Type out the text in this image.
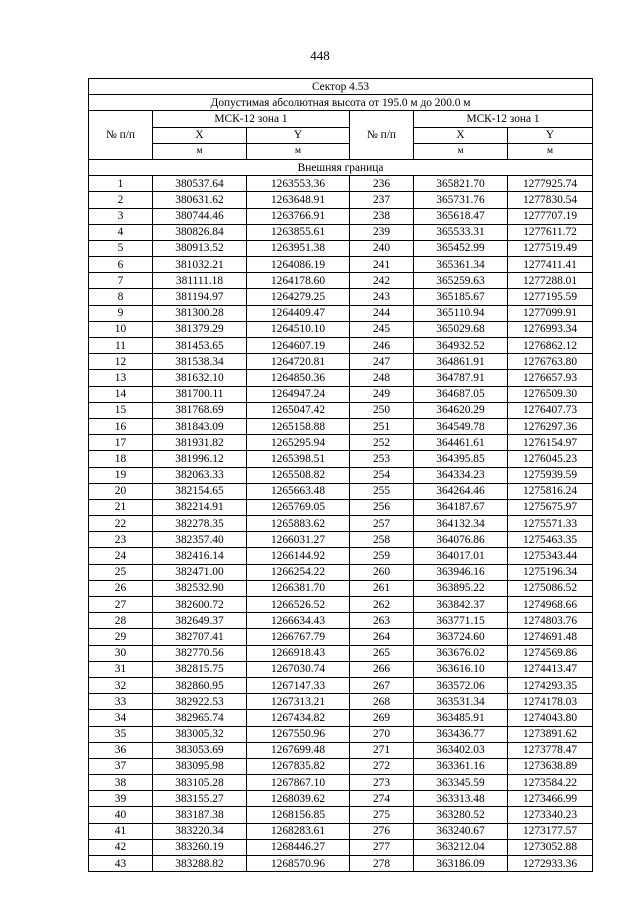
448
Сектор 4.53					
Допустимая абсолютная высота от 195.0 м до 200.0 м					
№ п/п	МСК-12 зона 1		№ п/п	МСК-12 зона 1	
	X	Y		X	Y
	м	м		м	м
Внешняя граница					
1	380537.64	1263553.36	236	365821.70	1277925.74
2	380631.62	1263648.91	237	365731.76	1277830.54
3	380744.46	1263766.91	238	365618.47	1277707.19
4	380826.84	1263855.61	239	365533.31	1277611.72
5	380913.52	1263951.38	240	365452.99	1277519.49
6	381032.21	1264086.19	241	365361.34	1277411.41
7	381111.18	1264178.60	242	365259.63	1277288.01
8	381194.97	1264279.25	243	365185.67	1277195.59
9	381300.28	1264409.47	244	365110.94	1277099.91
10	381379.29	1264510.10	245	365029.68	1276993.34
11	381453.65	1264607.19	246	364932.52	1276862.12
12	381538.34	1264720.81	247	364861.91	1276763.80
13	381632.10	1264850.36	248	364787.91	1276657.93
14	381700.11	1264947.24	249	364687.05	1276509.30
15	381768.69	1265047.42	250	364620.29	1276407.73
16	381843.09	1265158.88	251	364549.78	1276297.36
17	381931.82	1265295.94	252	364461.61	1276154.97
18	381996.12	1265398.51	253	364395.85	1276045.23
19	382063.33	1265508.82	254	364334.23	1275939.59
20	382154.65	1265663.48	255	364264.46	1275816.24
21	382214.91	1265769.05	256	364187.67	1275675.97
22	382278.35	1265883.62	257	364132.34	1275571.33
23	382357.40	1266031.27	258	364076.86	1275463.35
24	382416.14	1266144.92	259	364017.01	1275343.44
25	382471.00	1266254.22	260	363946.16	1275196.34
26	382532.90	1266381.70	261	363895.22	1275086.52
27	382600.72	1266526.52	262	363842.37	1274968.66
28	382649.37	1266634.43	263	363771.15	1274803.76
29	382707.41	1266767.79	264	363724.60	1274691.48
30	382770.56	1266918.43	265	363676.02	1274569.86
31	382815.75	1267030.74	266	363616.10	1274413.47
32	382860.95	1267147.33	267	363572.06	1274293.35
33	382922.53	1267313.21	268	363531.34	1274178.03
34	382965.74	1267434.82	269	363485.91	1274043.80
35	383005.32	1267550.96	270	363436.77	1273891.62
36	383053.69	1267699.48	271	363402.03	1273778.47
37	383095.98	1267835.82	272	363361.16	1273638.89
38	383105.28	1267867.10	273	363345.59	1273584.22
39	383155.27	1268039.62	274	363313.48	1273466.99
40	383187.38	1268156.85	275	363280.52	1273340.23
41	383220.34	1268283.61	276	363240.67	1273177.57
42	383260.19	1268446.27	277	363212.04	1273052.88
43	383288.82	1268570.96	278	363186.09	1272933.36
